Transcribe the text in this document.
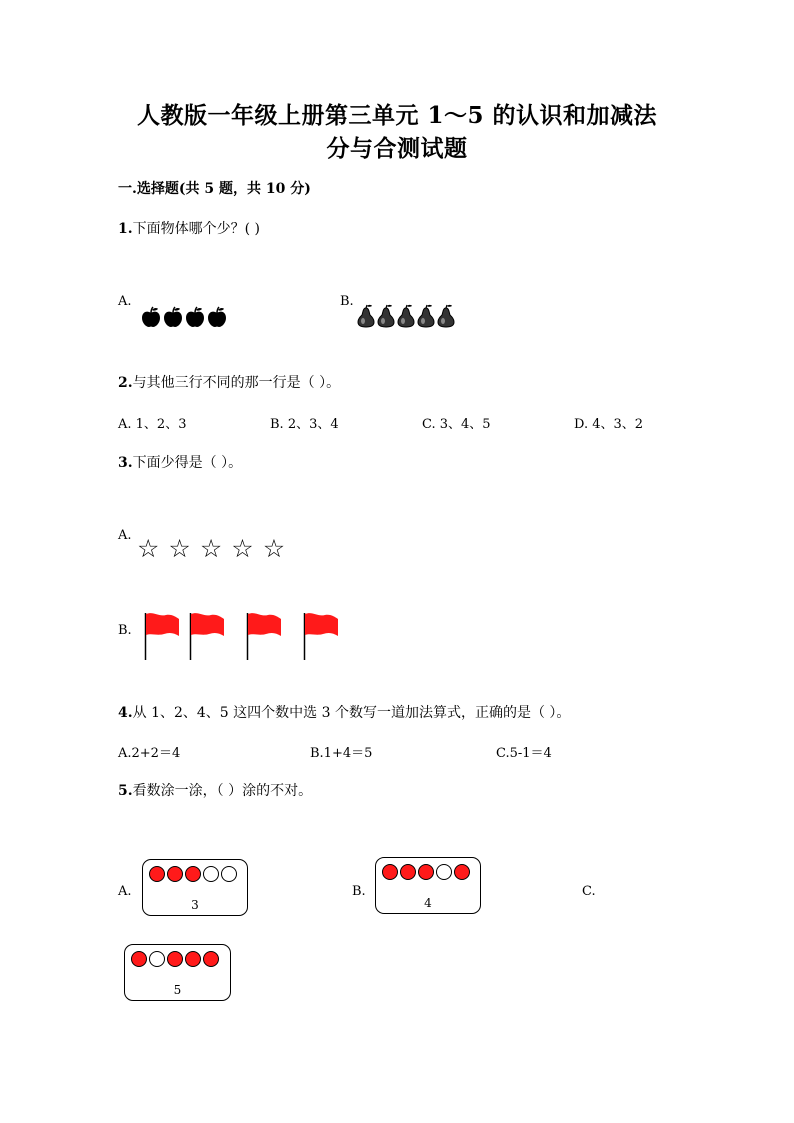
人教版一年级上册第三单元 1～5 的认识和加减法
分与合测试题
一.选择题(共 5 题，共 10 分)
1.下面物体哪个少？( )
A.	B.
2.与其他三行不同的那一行是（ ）。
A. 1、2、3	B. 2、3、4	C. 3、4、5	D. 4、3、2
3.下面少得是（ ）。
A. ☆ ☆ ☆ ☆ ☆
B.
4.从 1、2、4、5 这四个数中选 3 个数写一道加法算式，正确的是（ ）。
A.2+2＝4	B.1+4＝5	C.5-1＝4
5.看数涂一涂，（ ）涂的不对。
A.
3
B.
4
C.
5
